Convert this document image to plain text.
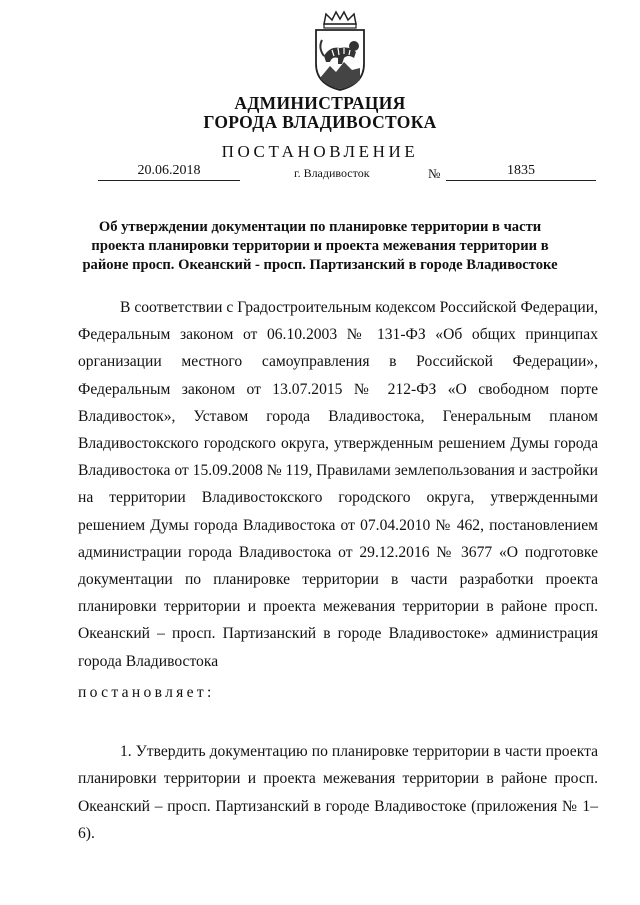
АДМИНИСТРАЦИЯ
ГОРОДА ВЛАДИВОСТОКА
ПОСТАНОВЛЕНИЕ
20.06.2018	г. Владивосток	№	1835
Об утверждении документации по планировке территории в части проекта планировки территории и проекта межевания территории в районе просп. Океанский - просп. Партизанский в городе Владивостоке
В соответствии с Градостроительным кодексом Российской Федерации, Федеральным законом от 06.10.2003 № 131-ФЗ «Об общих принципах организации местного самоуправления в Российской Федерации», Федеральным законом от 13.07.2015 № 212-ФЗ «О свободном порте Владивосток», Уставом города Владивостока, Генеральным планом Владивостокского городского округа, утвержденным решением Думы города Владивостока от 15.09.2008 № 119, Правилами землепользования и застройки на территории Владивостокского городского округа, утвержденными решением Думы города Владивостока от 07.04.2010 № 462, постановлением администрации города Владивостока от 29.12.2016 № 3677 «О подготовке документации по планировке территории в части разработки проекта планировки территории и проекта межевания территории в районе просп. Океанский – просп. Партизанский в городе Владивостоке» администрация города Владивостока
постановляет:
1. Утвердить документацию по планировке территории в части проекта планировки территории и проекта межевания территории в районе просп. Океанский – просп. Партизанский в городе Владивостоке (приложения № 1–6).
